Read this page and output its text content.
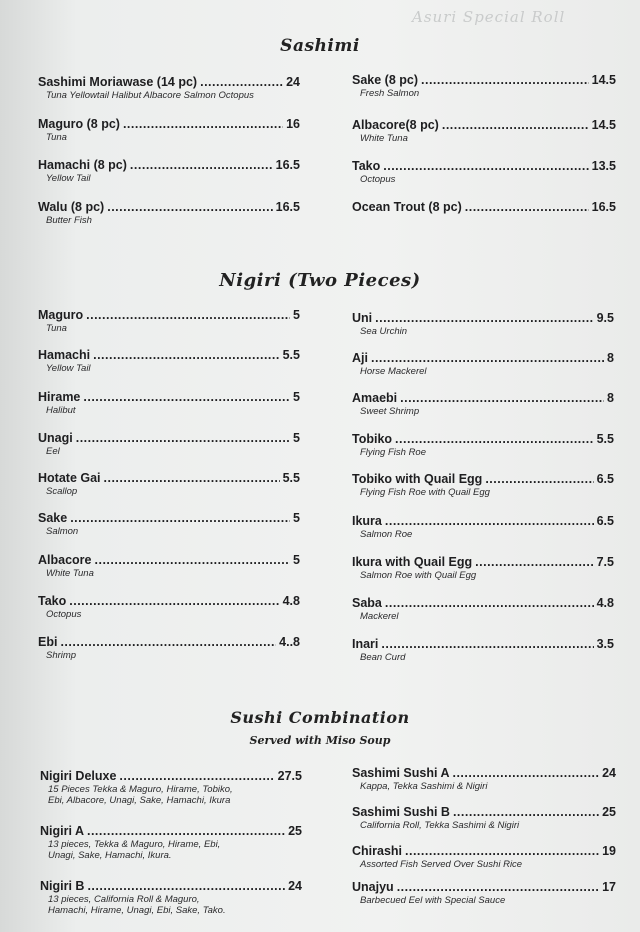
Asuri Special Roll
Sashimi
Nigiri (Two Pieces)
Sushi Combination
Served with Miso Soup
Sashimi Moriawase (14 pc) .....	24
Tuna Yellowtail Halibut Albacore Salmon Octopus
Maguro (8 pc) .....	16
Tuna
Hamachi (8 pc) .....	16.5
Yellow Tail
Walu (8 pc) .....	16.5
Butter Fish
Sake (8 pc) .....	14.5
Fresh Salmon
Albacore(8 pc) .....	14.5
White Tuna
Tako .....	13.5
Octopus
Ocean Trout (8 pc) .....	16.5
Maguro .....	5
Tuna
Hamachi .....	5.5
Yellow Tail
Hirame .....	5
Halibut
Unagi .....	5
Eel
Hotate Gai .....	5.5
Scallop
Sake .....	5
Salmon
Albacore .....	5
White Tuna
Tako .....	4.8
Octopus
Ebi .....	4..8
Shrimp
Uni .....	9.5
Sea Urchin
Aji .....	8
Horse Mackerel
Amaebi .....	8
Sweet Shrimp
Tobiko .....	5.5
Flying Fish Roe
Tobiko with Quail Egg .....	6.5
Flying Fish Roe with Quail Egg
Ikura .....	6.5
Salmon Roe
Ikura with Quail Egg .....	7.5
Salmon Roe with Quail Egg
Saba .....	4.8
Mackerel
Inari .....	3.5
Bean Curd
Nigiri Deluxe .....	27.5
15 Pieces Tekka & Maguro, Hirame, Tobiko, Ebi, Albacore, Unagi, Sake, Hamachi, Ikura
Nigiri A .....	25
13 pieces, Tekka & Maguro, Hirame, Ebi, Unagi, Sake, Hamachi, Ikura.
Nigiri B .....	24
13 pieces, California Roll & Maguro, Hamachi, Hirame, Unagi, Ebi, Sake, Tako.
Sashimi Sushi A .....	24
Kappa, Tekka Sashimi & Nigiri
Sashimi Sushi B .....	25
California Roll, Tekka Sashimi & Nigiri
Chirashi .....	19
Assorted Fish Served Over Sushi Rice
Unajyu .....	17
Barbecued Eel with Special Sauce
